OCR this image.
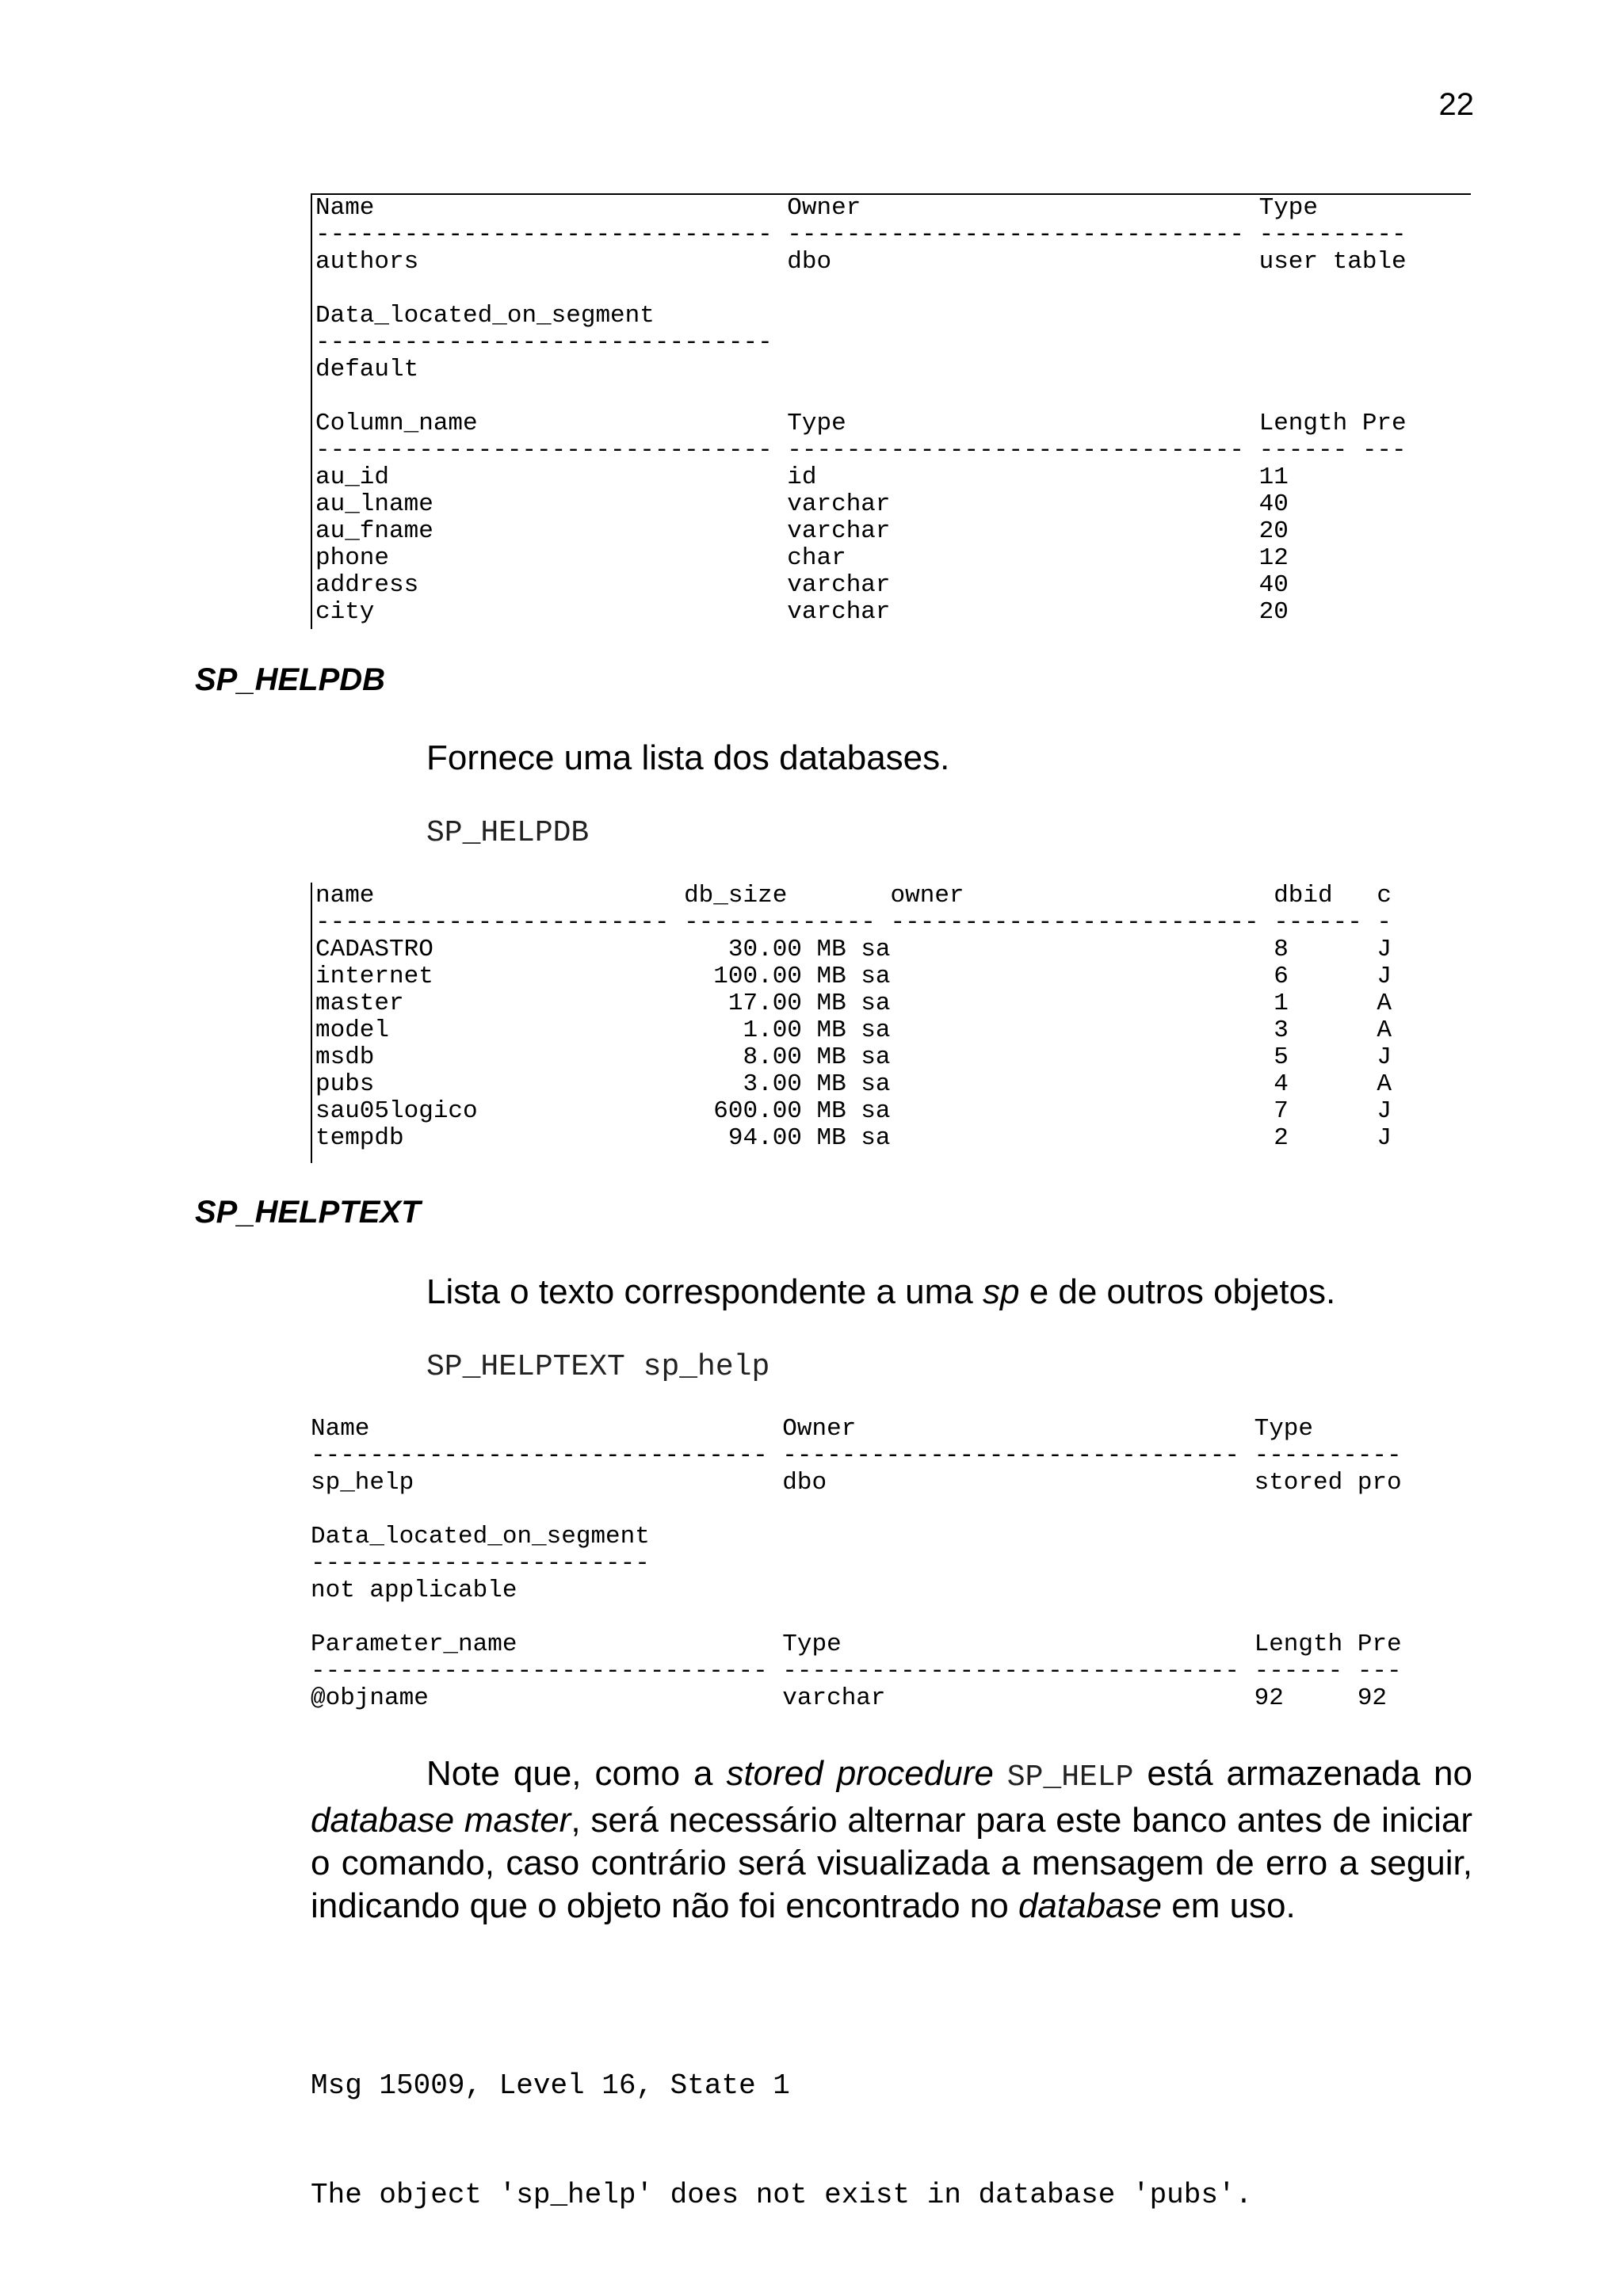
22
Name                            Owner                           Type
------------------------------- ------------------------------- ----------
authors                         dbo                             user table
Data_located_on_segment
-------------------------------
default
Column_name                     Type                            Length Pre
------------------------------- ------------------------------- ------ ---
au_id                           id                              11
au_lname                        varchar                         40
au_fname                        varchar                         20
phone                           char                            12
address                         varchar                         40
city                            varchar                         20
SP_HELPDB
Fornece uma lista dos databases.
SP_HELPDB
name                     db_size       owner                     dbid   c
------------------------ ------------- ------------------------- ------ -
CADASTRO                    30.00 MB sa                          8      J
internet                   100.00 MB sa                          6      J
master                      17.00 MB sa                          1      A
model                        1.00 MB sa                          3      A
msdb                         8.00 MB sa                          5      J
pubs                         3.00 MB sa                          4      A
sau05logico                600.00 MB sa                          7      J
tempdb                      94.00 MB sa                          2      J
SP_HELPTEXT
Lista o texto correspondente a uma sp e de outros objetos.
SP_HELPTEXT sp_help
Name                            Owner                           Type
------------------------------- ------------------------------- ----------
sp_help                         dbo                             stored pro
Data_located_on_segment
-----------------------
not applicable
Parameter_name                  Type                            Length Pre
------------------------------- ------------------------------- ------ ---
@objname                        varchar                         92     92
Note que, como a stored procedure SP_HELP está armazenada no database master, será necessário alternar para este banco antes de iniciar o comando, caso contrário será visualizada a mensagem de erro a seguir, indicando que o objeto não foi encontrado no database em uso.

Msg 15009, Level 16, State 1

The object 'sp_help' does not exist in database 'pubs'.
